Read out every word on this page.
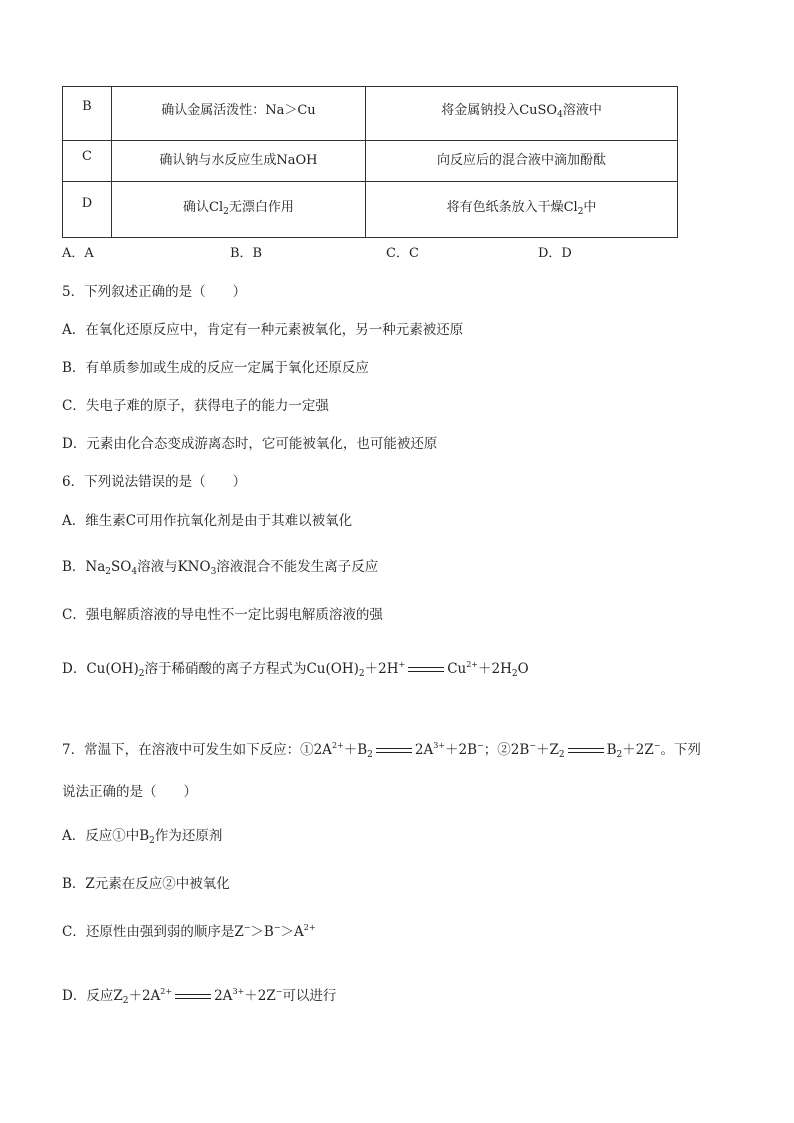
B	确认金属活泼性：Na＞Cu	将金属钠投入CuSO$_4$溶液中

C	确认钠与水反应生成NaOH	向反应后的混合液中滴加酚酞

D	确认$Cl_2$无漂白作用	将有色纸条放入干燥$Cl_2$中
A．A	B．B	C．C	D．D
5．下列叙述正确的是（　　）
A．在氧化还原反应中，肯定有一种元素被氧化，另一种元素被还原
B．有单质参加或生成的反应一定属于氧化还原反应
C．失电子难的原子，获得电子的能力一定强
D．元素由化合态变成游离态时，它可能被氧化，也可能被还原
6．下列说法错误的是（　　）
A．维生素C可用作抗氧化剂是由于其难以被氧化
B．$Na_2SO_4$溶液与$KNO_3$溶液混合不能发生离子反应
C．强电解质溶液的导电性不一定比弱电解质溶液的强
D．$Cu(OH)_2$溶于稀硝酸的离子方程式为$Cu(OH)_2+2H^+$	$Cu^{2+}+2H_2O$
7．常温下，在溶液中可发生如下反应：$①2A^{2+}+B_2$	$2A^{3+}+2B^-$；$②2B^-+Z_2$	$B_2+2Z^-$。下列
说法正确的是（　　）
A．反应①中$B_2$作为还原剂
B．Z元素在反应②中被氧化
C．还原性由强到弱的顺序是$Z^->B^->A^{2+}$
D．反应$Z_2+2A^{2+}$	$2A^{3+}+2Z^-$可以进行
